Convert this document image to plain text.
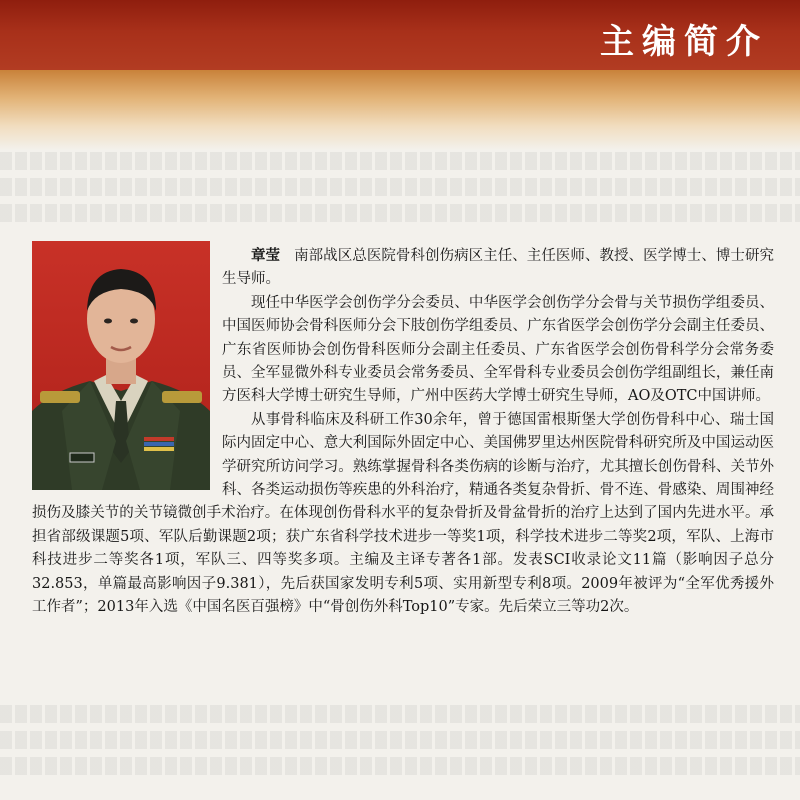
主编简介

章莹 南部战区总医院骨科创伤病区主任、主任医师、教授、医学博士、博士研究生导师。

现任中华医学会创伤学分会委员、中华医学会创伤学分会骨与关节损伤学组委员、中国医师协会骨科医师分会下肢创伤学组委员、广东省医学会创伤学分会副主任委员、广东省医师协会创伤骨科医师分会副主任委员、广东省医学会创伤骨科学分会常务委员、全军显微外科专业委员会常务委员、全军骨科专业委员会创伤学组副组长，兼任南方医科大学博士研究生导师，广州中医药大学博士研究生导师，AO及OTC中国讲师。

从事骨科临床及科研工作30余年，曾于德国雷根斯堡大学创伤骨科中心、瑞士国际内固定中心、意大利国际外固定中心、美国佛罗里达州医院骨科研究所及中国运动医学研究所访问学习。熟练掌握骨科各类伤病的诊断与治疗，尤其擅长创伤骨科、关节外科、各类运动损伤等疾患的外科治疗，精通各类复杂骨折、骨不连、骨感染、周围神经损伤及膝关节的关节镜微创手术治疗。在体现创伤骨科水平的复杂骨折及骨盆骨折的治疗上达到了国内先进水平。承担省部级课题5项、军队后勤课题2项；获广东省科学技术进步一等奖1项，科学技术进步二等奖2项，军队、上海市科技进步二等奖各1项，军队三、四等奖多项。主编及主译专著各1部。发表SCI收录论文11篇（影响因子总分32.853，单篇最高影响因子9.381），先后获国家发明专利5项、实用新型专利8项。2009年被评为“全军优秀援外工作者”；2013年入选《中国名医百强榜》中“骨创伤外科Top10”专家。先后荣立三等功2次。
